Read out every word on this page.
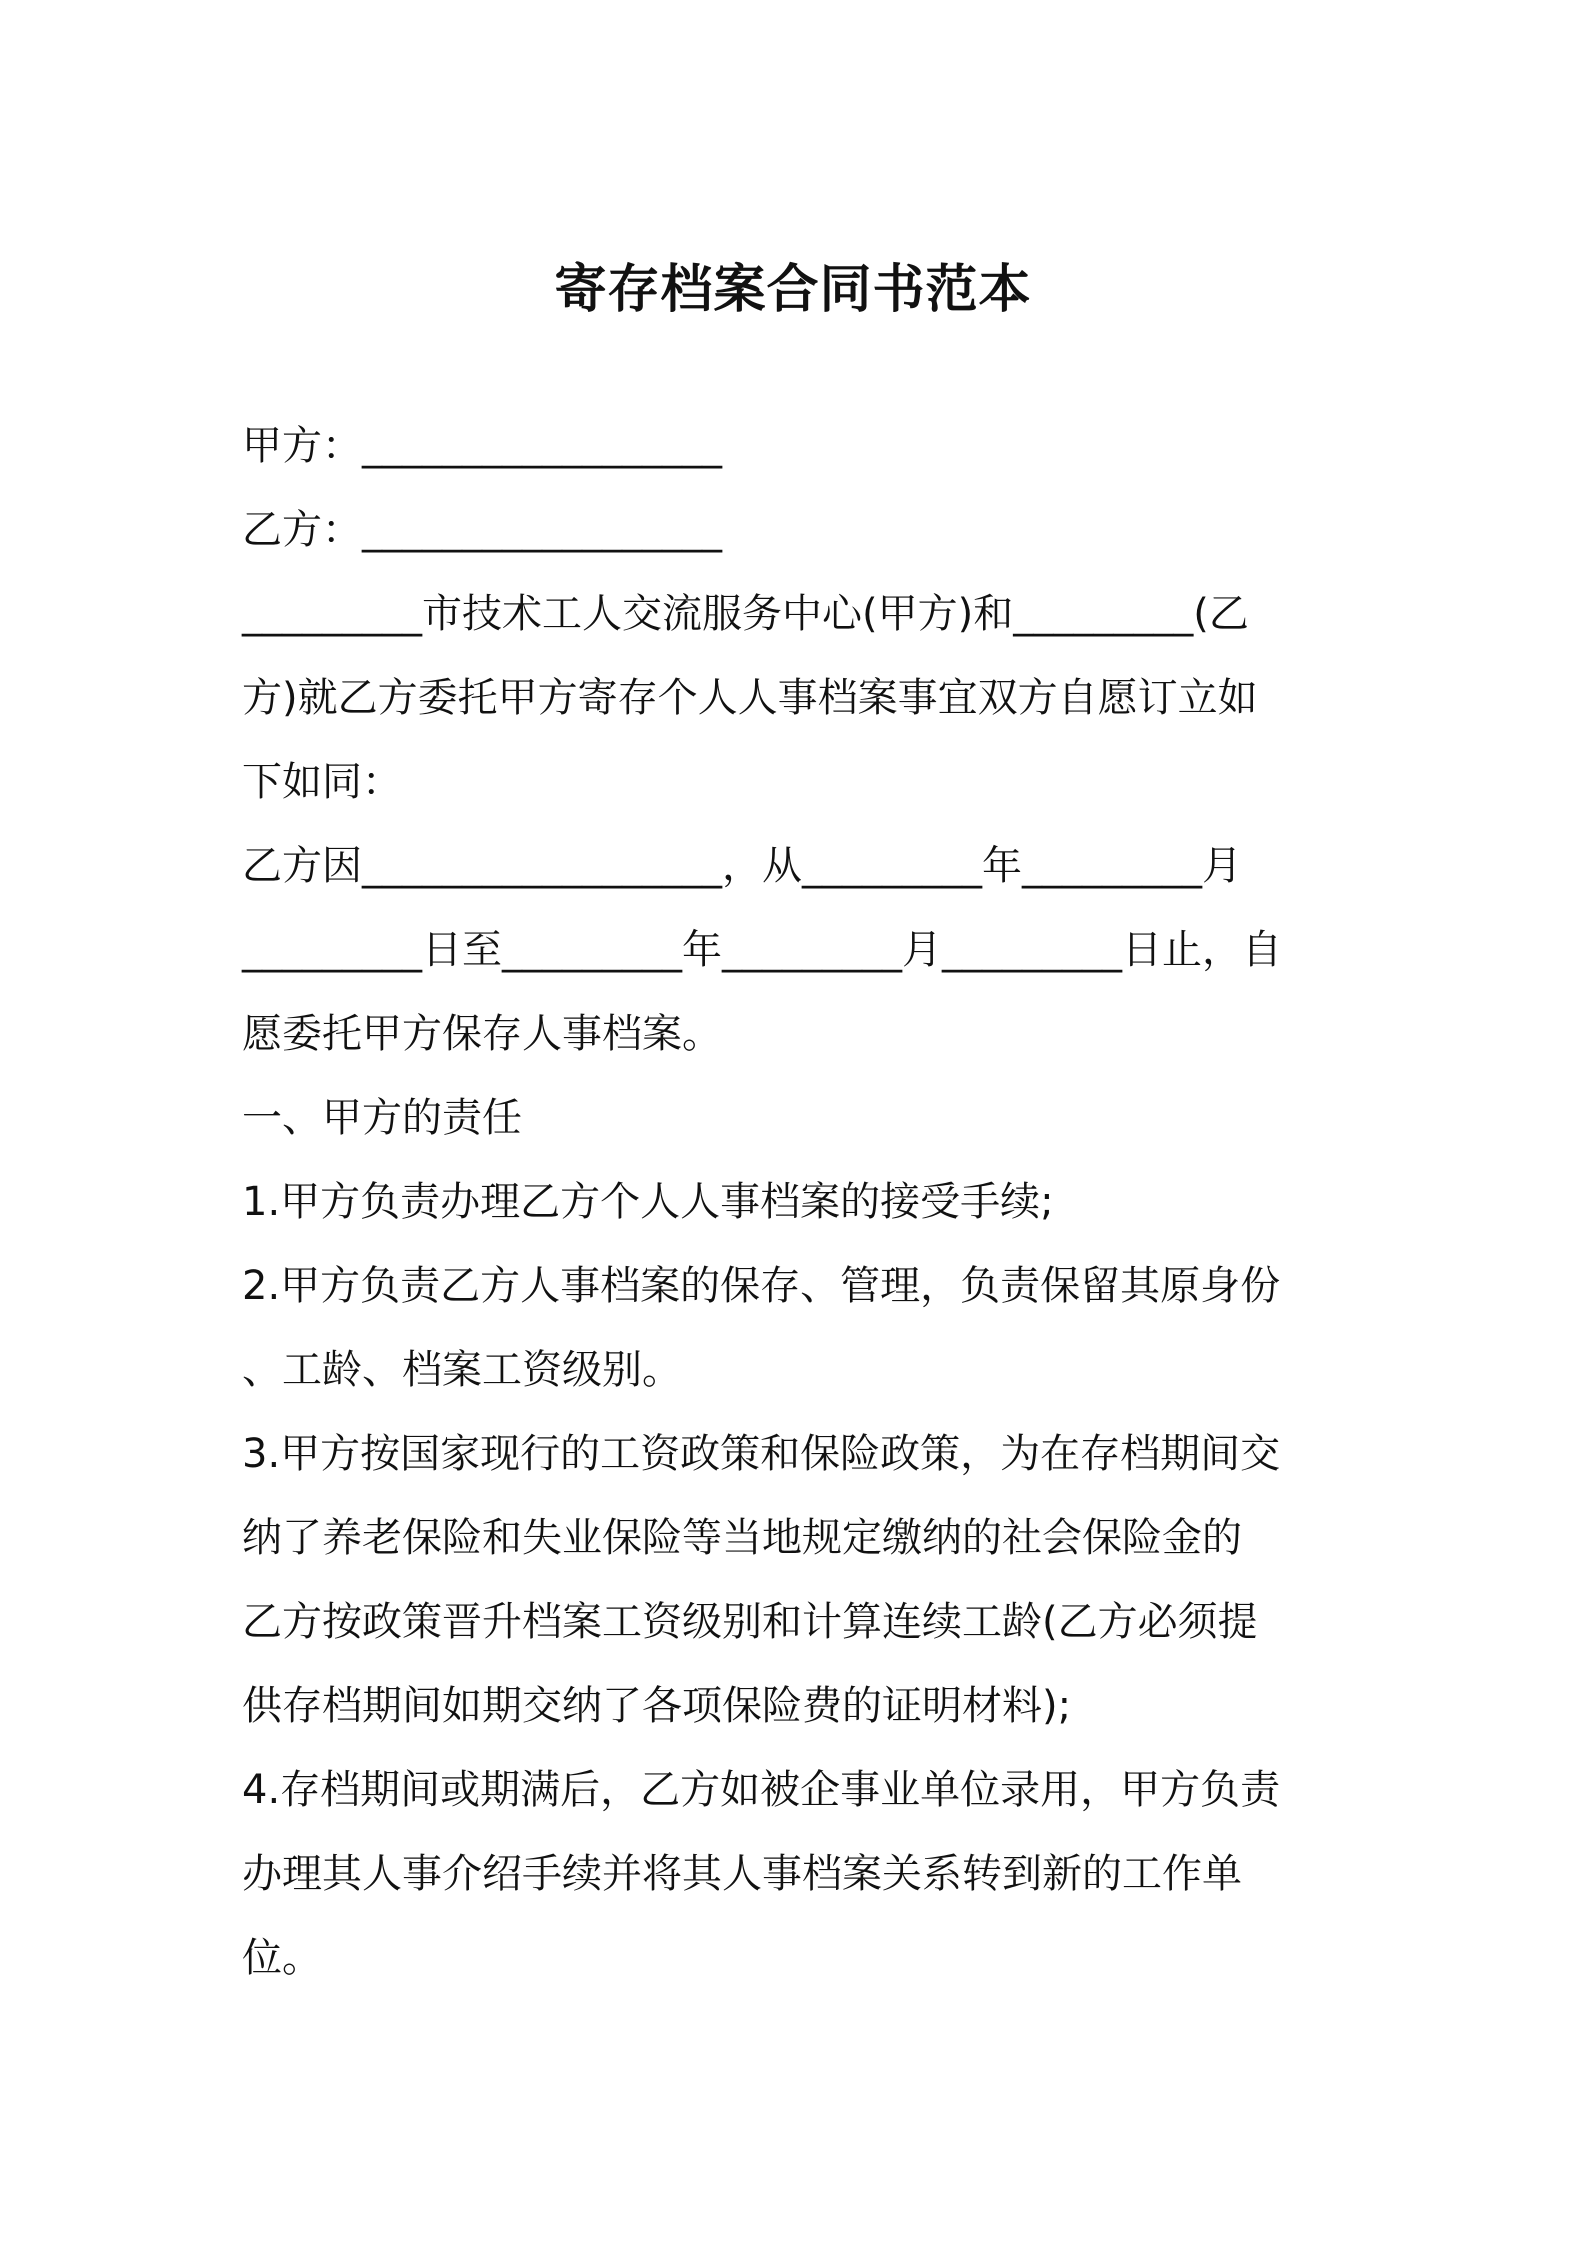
寄存档案合同书范本
甲方：__________________
乙方：__________________
_________市技术工人交流服务中心(甲方)和_________(乙
方)就乙方委托甲方寄存个人人事档案事宜双方自愿订立如
下如同：
乙方因__________________，从_________年_________月
_________日至_________年_________月_________日止，自
愿委托甲方保存人事档案。
一、甲方的责任
1.甲方负责办理乙方个人人事档案的接受手续;
2.甲方负责乙方人事档案的保存、管理，负责保留其原身份
、工龄、档案工资级别。
3.甲方按国家现行的工资政策和保险政策，为在存档期间交
纳了养老保险和失业保险等当地规定缴纳的社会保险金的
乙方按政策晋升档案工资级别和计算连续工龄(乙方必须提
供存档期间如期交纳了各项保险费的证明材料);
4.存档期间或期满后，乙方如被企事业单位录用，甲方负责
办理其人事介绍手续并将其人事档案关系转到新的工作单
位。
